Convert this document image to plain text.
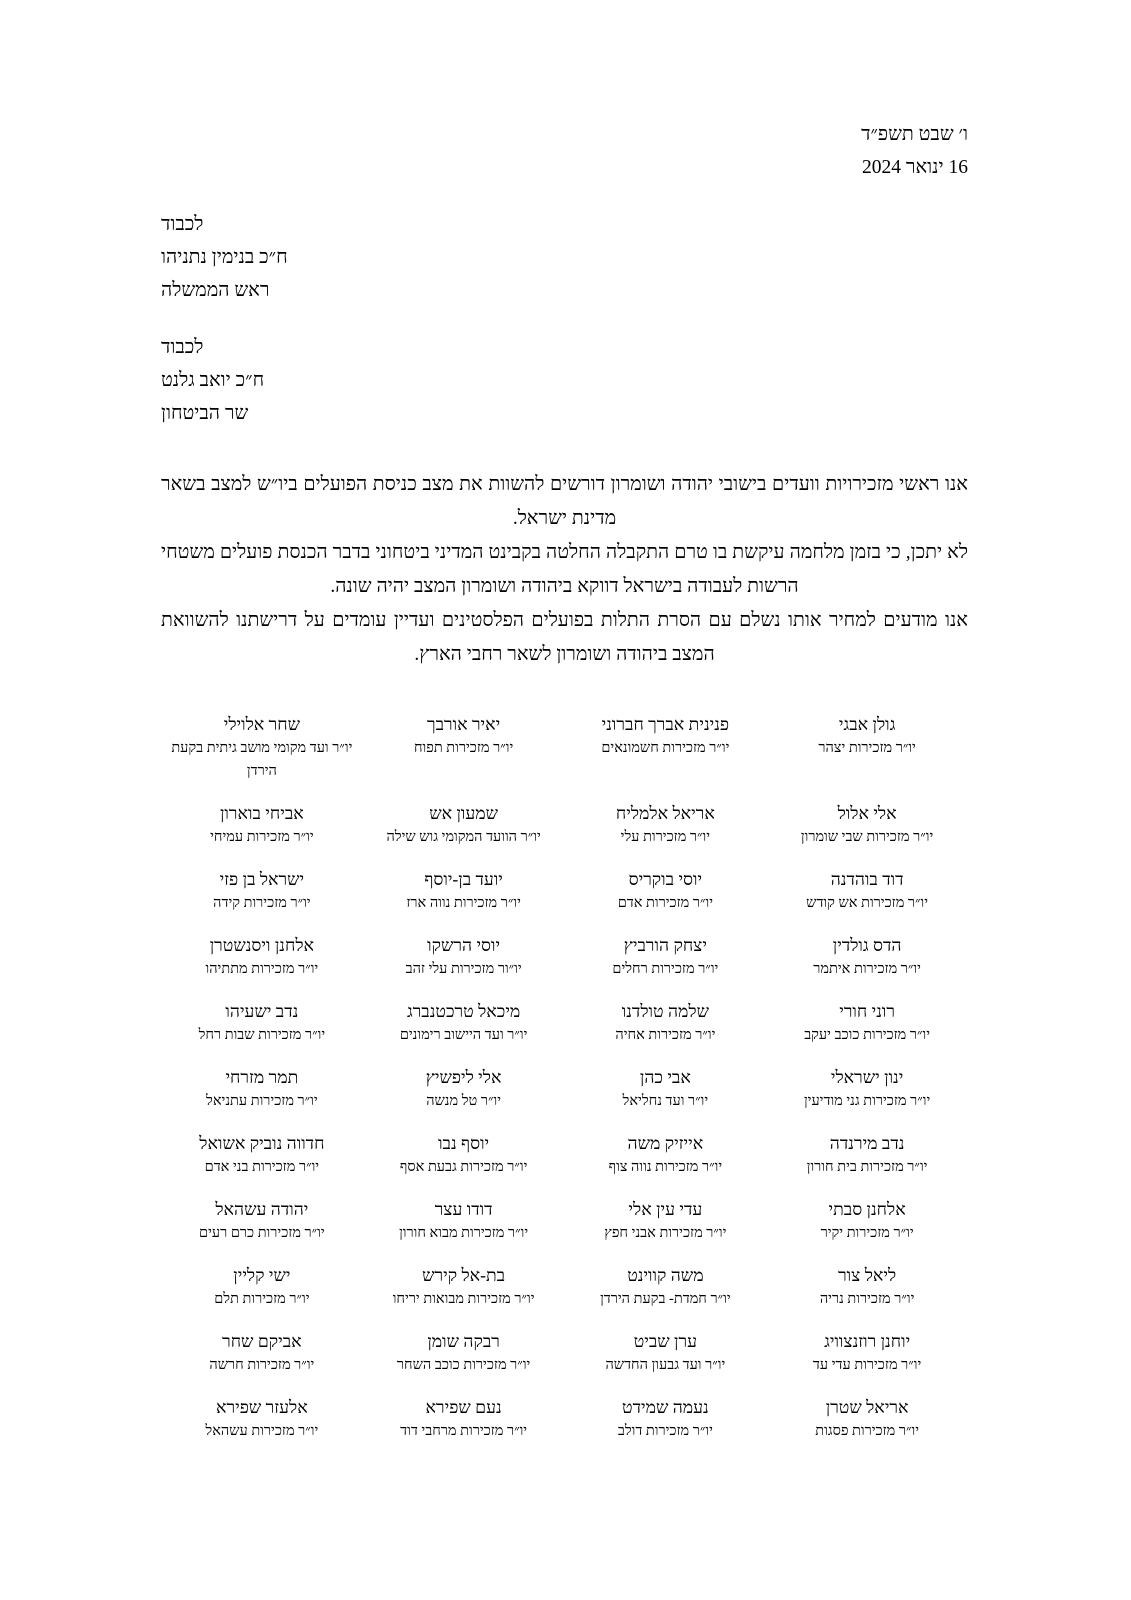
ו׳ שבט תשפ״ד
16 ינואר 2024
לכבוד
ח״כ בנימין נתניהו
ראש הממשלה
לכבוד
ח״כ יואב גלנט
שר הביטחון

אנו ראשי מזכירויות וועדים בישובי יהודה ושומרון דורשים להשוות את מצב כניסת הפועלים ביו״ש למצב בשאר מדינת ישראל.

לא יתכן, כי בזמן מלחמה עיקשת בו טרם התקבלה החלטה בקבינט המדיני ביטחוני בדבר הכנסת פועלים משטחי הרשות לעבודה בישראל דווקא ביהודה ושומרון המצב יהיה שונה.

אנו מודעים למחיר אותו נשלם עם הסרת התלות בפועלים הפלסטינים ועדיין עומדים על דרישתנו להשוואת המצב ביהודה ושומרון לשאר רחבי הארץ.

גולן אבגי
יו״ר מזכירות יצהר
אלי אלול
יו״ר מזכירות שבי שומרון
דוד בוהדנה
יו״ר מזכירות אש קודש
הדס גולדין
יו״ר מזכירות איתמר
רוני חורי
יו״ר מזכירות כוכב יעקב
ינון ישראלי
יו״ר מזכירות גני מודיעין
נדב מירנדה
יו״ר מזכירות בית חורון
אלחנן סבתי
יו״ר מזכירות יקיר
ליאל צור
יו״ר מזכירות נריה
יוחנן רוזנצוויג
יו״ר מזכירות עדי עד
אריאל שטרן
יו״ר מזכירות פסגות
פנינית אברך חברוני
יו״ר מזכירות חשמונאים
אריאל אלמליח
יו״ר מזכירות עלי
יוסי בוקריס
יו״ר מזכירות אדם
יצחק הורביץ
יו״ר מזכירות רחלים
שלמה טולדנו
יו״ר מזכירות אחיה
אבי כהן
יו״ר ועד נחליאל
אייזיק משה
יו״ר מזכירות נווה צוף
עדי עין אלי
יו״ר מזכירות אבני חפץ
משה קווינט
יו״ר חמדת- בקעת הירדן
ערן שביט
יו״ר ועד גבעון החדשה
נעמה שמידט
יו״ר מזכירות דולב
יאיר אורבך
יו״ר מזכירות תפוח
שמעון אש
יו״ר הוועד המקומי גוש שילה
יועד בן-יוסף
יו״ר מזכירות נווה ארז
יוסי הרשקו
יו״ור מזכירות עלי זהב
מיכאל טרכטנברג
יו״ר ועד היישוב רימונים
אלי ליפשיץ
יו״ר טל מנשה
יוסף נבו
יו״ר מזכירות גבעת אסף
דודו עצר
יו״ר מזכירות מבוא חורון
בת-אל קירש
יו״ר מזכירות מבואות יריחו
רבקה שומן
יו״ר מזכירות כוכב השחר
נעם שפירא
יו״ר מזכירות מרחבי דוד
שחר אלוילי
יו״ר ועד מקומי מושב גיתית בקעת הירדן
אביחי בוארון
יו״ר מזכירות עמיחי
ישראל בן פזי
יו״ר מזכירות קידה
אלחנן ויסנשטרן
יו״ר מזכירות מתתיהו
נדב ישעיהו
יו״ר מזכירות שבות רחל
תמר מזרחי
יו״ר מזכירות עתניאל
חדווה נוביק אשואל
יו״ר מזכירות בני אדם
יהודה עשהאל
יו״ר מזכירות כרם רעים
ישי קליין
יו״ר מזכירות תלם
אביקם שחר
יו״ר מזכירות חרשה
אלעזר שפירא
יו״ר מזכירות עשהאל
